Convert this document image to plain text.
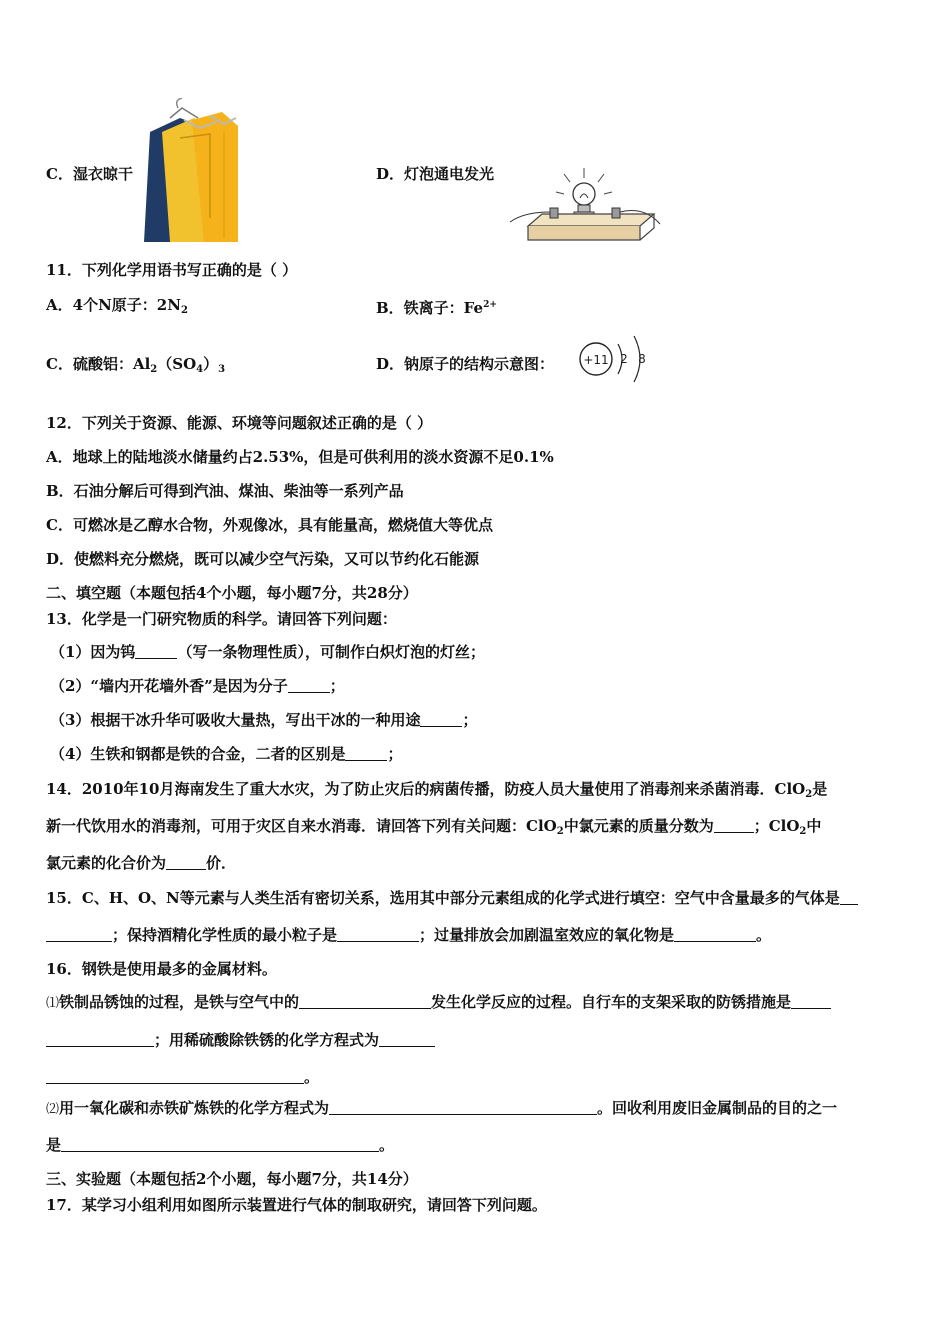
C．湿衣晾干	D．灯泡通电发光
11．下列化学用语书写正确的是（ ）
A．4个N原子：$2N_2$	B．铁离子：$Fe^{2+}$
C．硫酸铝：$Al_2(SO_4)_3$	D．钠原子的结构示意图： +11 2 8
12．下列关于资源、能源、环境等问题叙述正确的是（ ）
A．地球上的陆地淡水储量约占2.53%，但是可供利用的淡水资源不足0.1%
B．石油分解后可得到汽油、煤油、柴油等一系列产品
C．可燃冰是乙醇水合物，外观像冰，具有能量高，燃烧值大等优点
D．使燃料充分燃烧，既可以减少空气污染，又可以节约化石能源
二、填空题（本题包括4个小题，每小题7分，共28分）
13．化学是一门研究物质的科学。请回答下列问题：
（1）因为钨	（写一条物理性质），可制作白炽灯泡的灯丝；
（2）“墙内开花墙外香”是因为分子	；
（3）根据干冰升华可吸收大量热，写出干冰的一种用途	；
（4）生铁和钢都是铁的合金，二者的区别是	；
14．2010年10月海南发生了重大水灾，为了防止灾后的病菌传播，防疫人员大量使用了消毒剂来杀菌消毒．ClO$_2$是
新一代饮用水的消毒剂，可用于灾区自来水消毒．请回答下列有关问题：ClO$_2$中氯元素的质量分数为	；ClO$_2$中
氯元素的化合价为	价．
15．C、H、O、N等元素与人类生活有密切关系，选用其中部分元素组成的化学式进行填空：空气中含量最多的气体是
；保持酒精化学性质的最小粒子是	；过量排放会加剧温室效应的氧化物是	。
16．钢铁是使用最多的金属材料。
⑴铁制品锈蚀的过程，是铁与空气中的	发生化学反应的过程。自行车的支架采取的防锈措施是
；用稀硫酸除铁锈的化学方程式为
。
⑵用一氧化碳和赤铁矿炼铁的化学方程式为	。回收利用废旧金属制品的目的之一
是	。
三、实验题（本题包括2个小题，每小题7分，共14分）
17．某学习小组利用如图所示装置进行气体的制取研究，请回答下列问题。
